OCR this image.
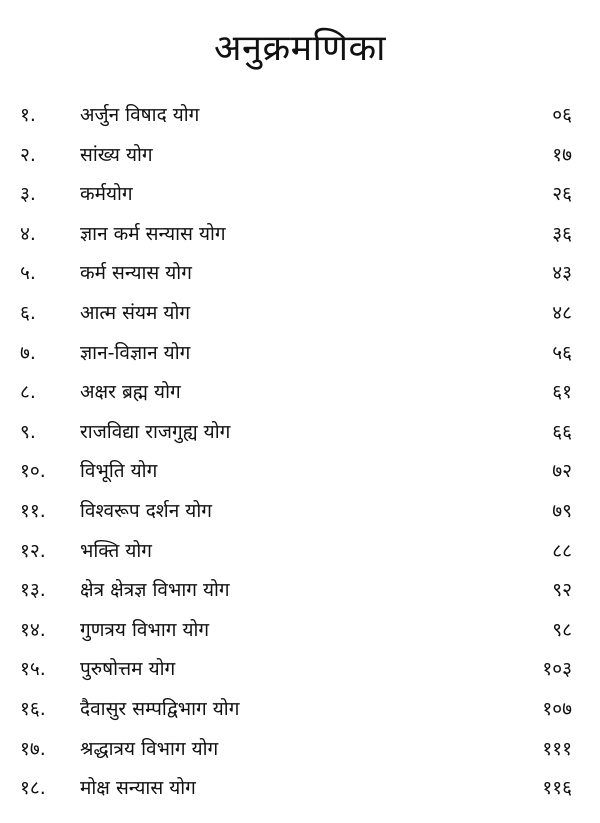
अनुक्रमणिका
१.	अर्जुन विषाद योग	०६
२.	सांख्य योग	१७
३.	कर्मयोग	२६
४.	ज्ञान कर्म सन्यास योग	३६
५.	कर्म सन्यास योग	४३
६.	आत्म संयम योग	४८
७.	ज्ञान-विज्ञान योग	५६
८.	अक्षर ब्रह्म योग	६१
९.	राजविद्या राजगुह्य योग	६६
१०.	विभूति योग	७२
११.	विश्वरूप दर्शन योग	७९
१२.	भक्ति योग	८८
१३.	क्षेत्र क्षेत्रज्ञ विभाग योग	९२
१४.	गुणत्रय विभाग योग	९८
१५.	पुरुषोत्तम योग	१०३
१६.	दैवासुर सम्पद्विभाग योग	१०७
१७.	श्रद्धात्रय विभाग योग	१११
१८.	मोक्ष सन्यास योग	११६
